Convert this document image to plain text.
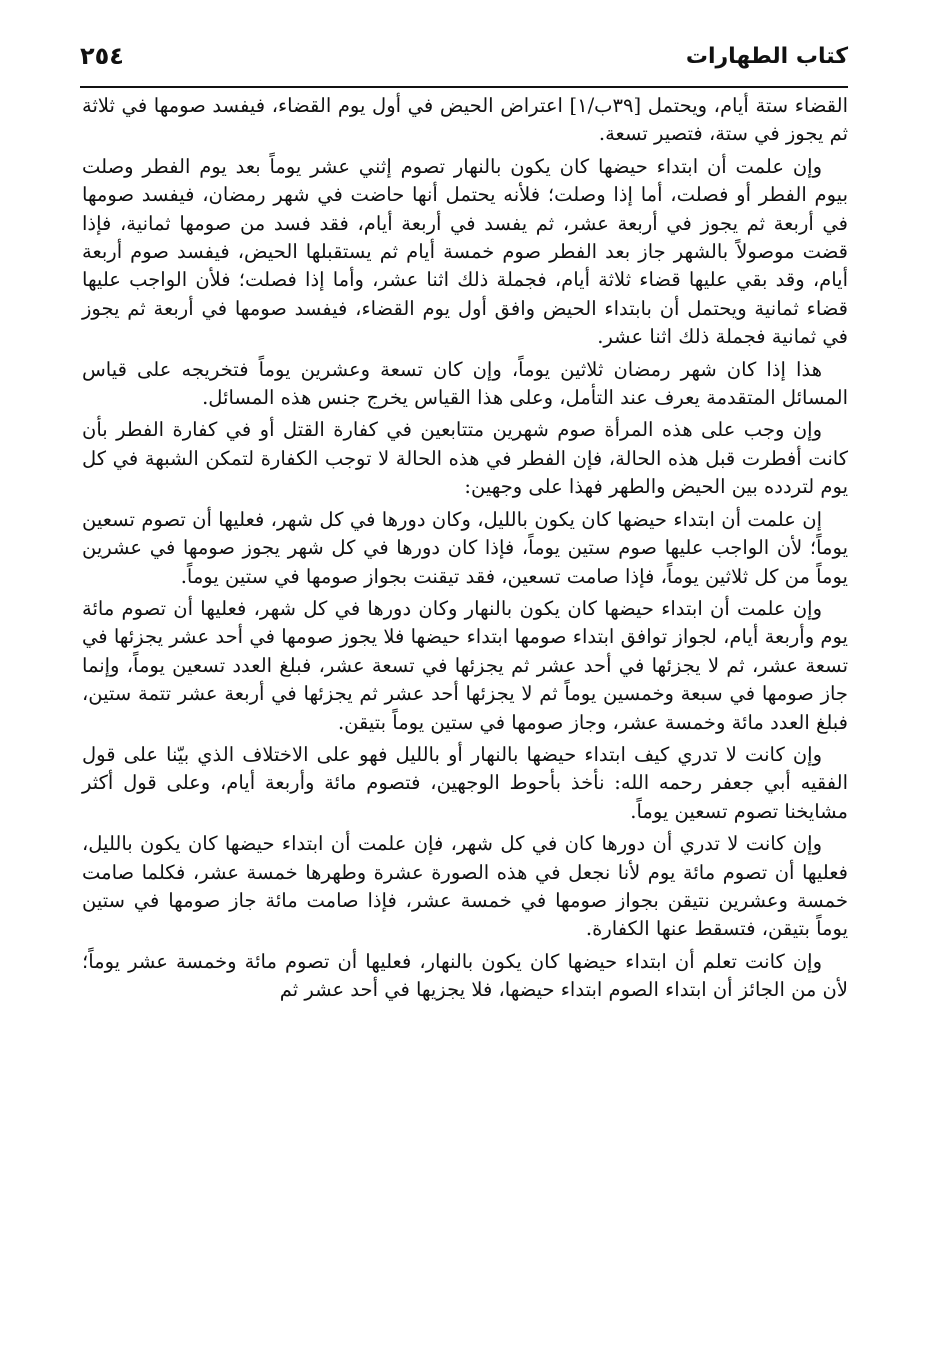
كتاب الطهارات
٢٥٤

القضاء ستة أيام، ويحتمل [٣٩ب/١] اعتراض الحيض في أول يوم القضاء، فيفسد صومها في ثلاثة ثم يجوز في ستة، فتصير تسعة.

وإن علمت أن ابتداء حيضها كان يكون بالنهار تصوم إثني عشر يوماً بعد يوم الفطر وصلت بيوم الفطر أو فصلت، أما إذا وصلت؛ فلأنه يحتمل أنها حاضت في شهر رمضان، فيفسد صومها في أربعة ثم يجوز في أربعة عشر، ثم يفسد في أربعة أيام، فقد فسد من صومها ثمانية، فإذا قضت موصولاً بالشهر جاز بعد الفطر صوم خمسة أيام ثم يستقبلها الحيض، فيفسد صوم أربعة أيام، وقد بقي عليها قضاء ثلاثة أيام، فجملة ذلك اثنا عشر، وأما إذا فصلت؛ فلأن الواجب عليها قضاء ثمانية ويحتمل أن بابتداء الحيض وافق أول يوم القضاء، فيفسد صومها في أربعة ثم يجوز في ثمانية فجملة ذلك اثنا عشر.

هذا إذا كان شهر رمضان ثلاثين يوماً، وإن كان تسعة وعشرين يوماً فتخريجه على قياس المسائل المتقدمة يعرف عند التأمل، وعلى هذا القياس يخرج جنس هذه المسائل.

وإن وجب على هذه المرأة صوم شهرين متتابعين في كفارة القتل أو في كفارة الفطر بأن كانت أفطرت قبل هذه الحالة، فإن الفطر في هذه الحالة لا توجب الكفارة لتمكن الشبهة في كل يوم لتردده بين الحيض والطهر فهذا على وجهين:

إن علمت أن ابتداء حيضها كان يكون بالليل، وكان دورها في كل شهر، فعليها أن تصوم تسعين يوماً؛ لأن الواجب عليها صوم ستين يوماً، فإذا كان دورها في كل شهر يجوز صومها في عشرين يوماً من كل ثلاثين يوماً، فإذا صامت تسعين، فقد تيقنت بجواز صومها في ستين يوماً.

وإن علمت أن ابتداء حيضها كان يكون بالنهار وكان دورها في كل شهر، فعليها أن تصوم مائة يوم وأربعة أيام، لجواز توافق ابتداء صومها ابتداء حيضها فلا يجوز صومها في أحد عشر يجزئها في تسعة عشر، ثم لا يجزئها في أحد عشر ثم يجزئها في تسعة عشر، فبلغ العدد تسعين يوماً، وإنما جاز صومها في سبعة وخمسين يوماً ثم لا يجزئها أحد عشر ثم يجزئها في أربعة عشر تتمة ستين، فبلغ العدد مائة وخمسة عشر، وجاز صومها في ستين يوماً بتيقن.

وإن كانت لا تدري كيف ابتداء حيضها بالنهار أو بالليل فهو على الاختلاف الذي بيّنا على قول الفقيه أبي جعفر رحمه الله: نأخذ بأحوط الوجهين، فتصوم مائة وأربعة أيام، وعلى قول أكثر مشايخنا تصوم تسعين يوماً.

وإن كانت لا تدري أن دورها كان في كل شهر، فإن علمت أن ابتداء حيضها كان يكون بالليل، فعليها أن تصوم مائة يوم لأنا نجعل في هذه الصورة عشرة وطهرها خمسة عشر، فكلما صامت خمسة وعشرين نتيقن بجواز صومها في خمسة عشر، فإذا صامت مائة جاز صومها في ستين يوماً بتيقن، فتسقط عنها الكفارة.

وإن كانت تعلم أن ابتداء حيضها كان يكون بالنهار، فعليها أن تصوم مائة وخمسة عشر يوماً؛ لأن من الجائز أن ابتداء الصوم ابتداء حيضها، فلا يجزيها في أحد عشر ثم
